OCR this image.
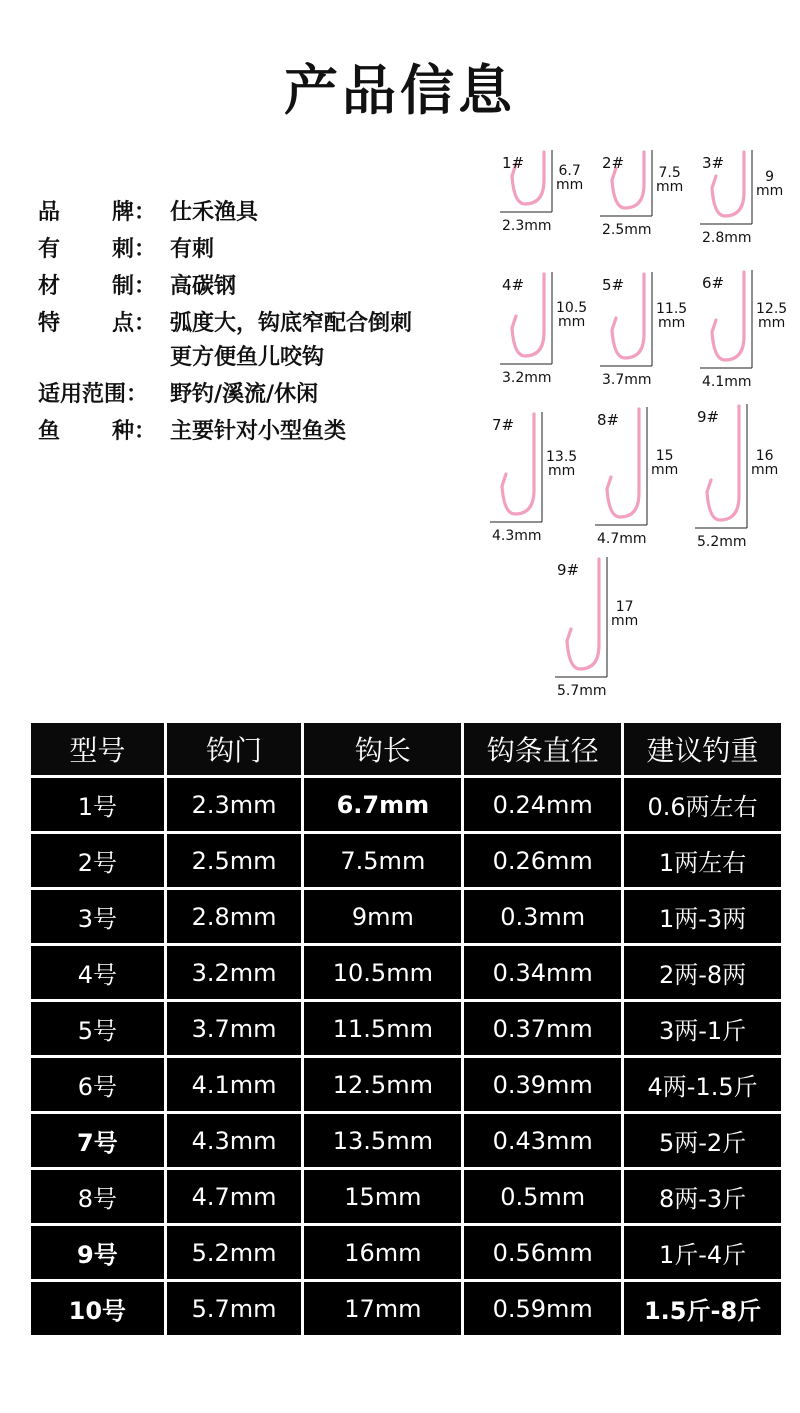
产品信息
品 牌： 仕禾渔具
有 刺： 有刺
材 制： 高碳钢
特 点： 弧度大，钩底窄配合倒刺
更方便鱼儿咬钩
适用范围 ： 野钓/溪流/休闲
鱼 种： 主要针对小型鱼类
1# 6.7
mm
2.3mm
2#
7.5
mm
2.5mm
3#
9
mm
2.8mm
4#
10.5
mm
3.2mm
5#
11.5
mm
3.7mm
6#
12.5
mm
4.1mm
7#
13.5
mm
4.3mm
8#
15
mm
4.7mm
9#
16
mm
5.2mm
9#
17
mm
5.7mm
型号	钩门	钩长	钩条直径	建议钓重
1号	2.3mm	6.7mm	0.24mm	0.6两左右
2号	2.5mm	7.5mm	0.26mm	1两左右
3号	2.8mm	9mm	0.3mm	1两-3两
4号	3.2mm	10.5mm	0.34mm	2两-8两
5号	3.7mm	11.5mm	0.37mm	3两-1斤
6号	4.1mm	12.5mm	0.39mm	4两-1.5斤
7号	4.3mm	13.5mm	0.43mm	5两-2斤
8号	4.7mm	15mm	0.5mm	8两-3斤
9号	5.2mm	16mm	0.56mm	1斤-4斤
10号	5.7mm	17mm	0.59mm	1.5斤-8斤
